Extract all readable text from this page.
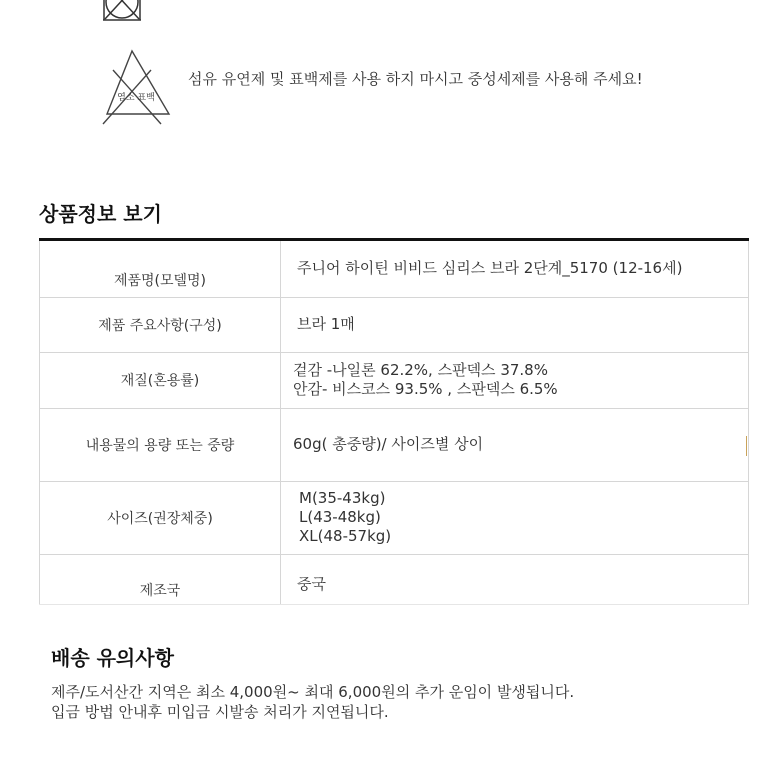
염소 표백
섬유 유연제 및 표백제를 사용 하지 마시고 중성세제를 사용해 주세요!
상품정보 보기
제품명(모델명)	주니어 하이틴 비비드 심리스 브라 2단계_5170 (12-16세)
제품 주요사항(구성)	브라 1매
재질(혼용률)	겉감 -나일론 62.2%, 스판덱스 37.8%
안감- 비스코스 93.5% , 스판덱스 6.5%

내용물의 용량 또는 중량	60g( 총중량)/ 사이즈별 상이
사이즈(권장체중)	M(35-43kg)
L(43-48kg)
XL(48-57kg)

제조국	중국
배송 유의사항
제주/도서산간 지역은 최소 4,000원~ 최대 6,000원의 추가 운임이 발생됩니다.
입금 방법 안내후 미입금 시발송 처리가 지연됩니다.
